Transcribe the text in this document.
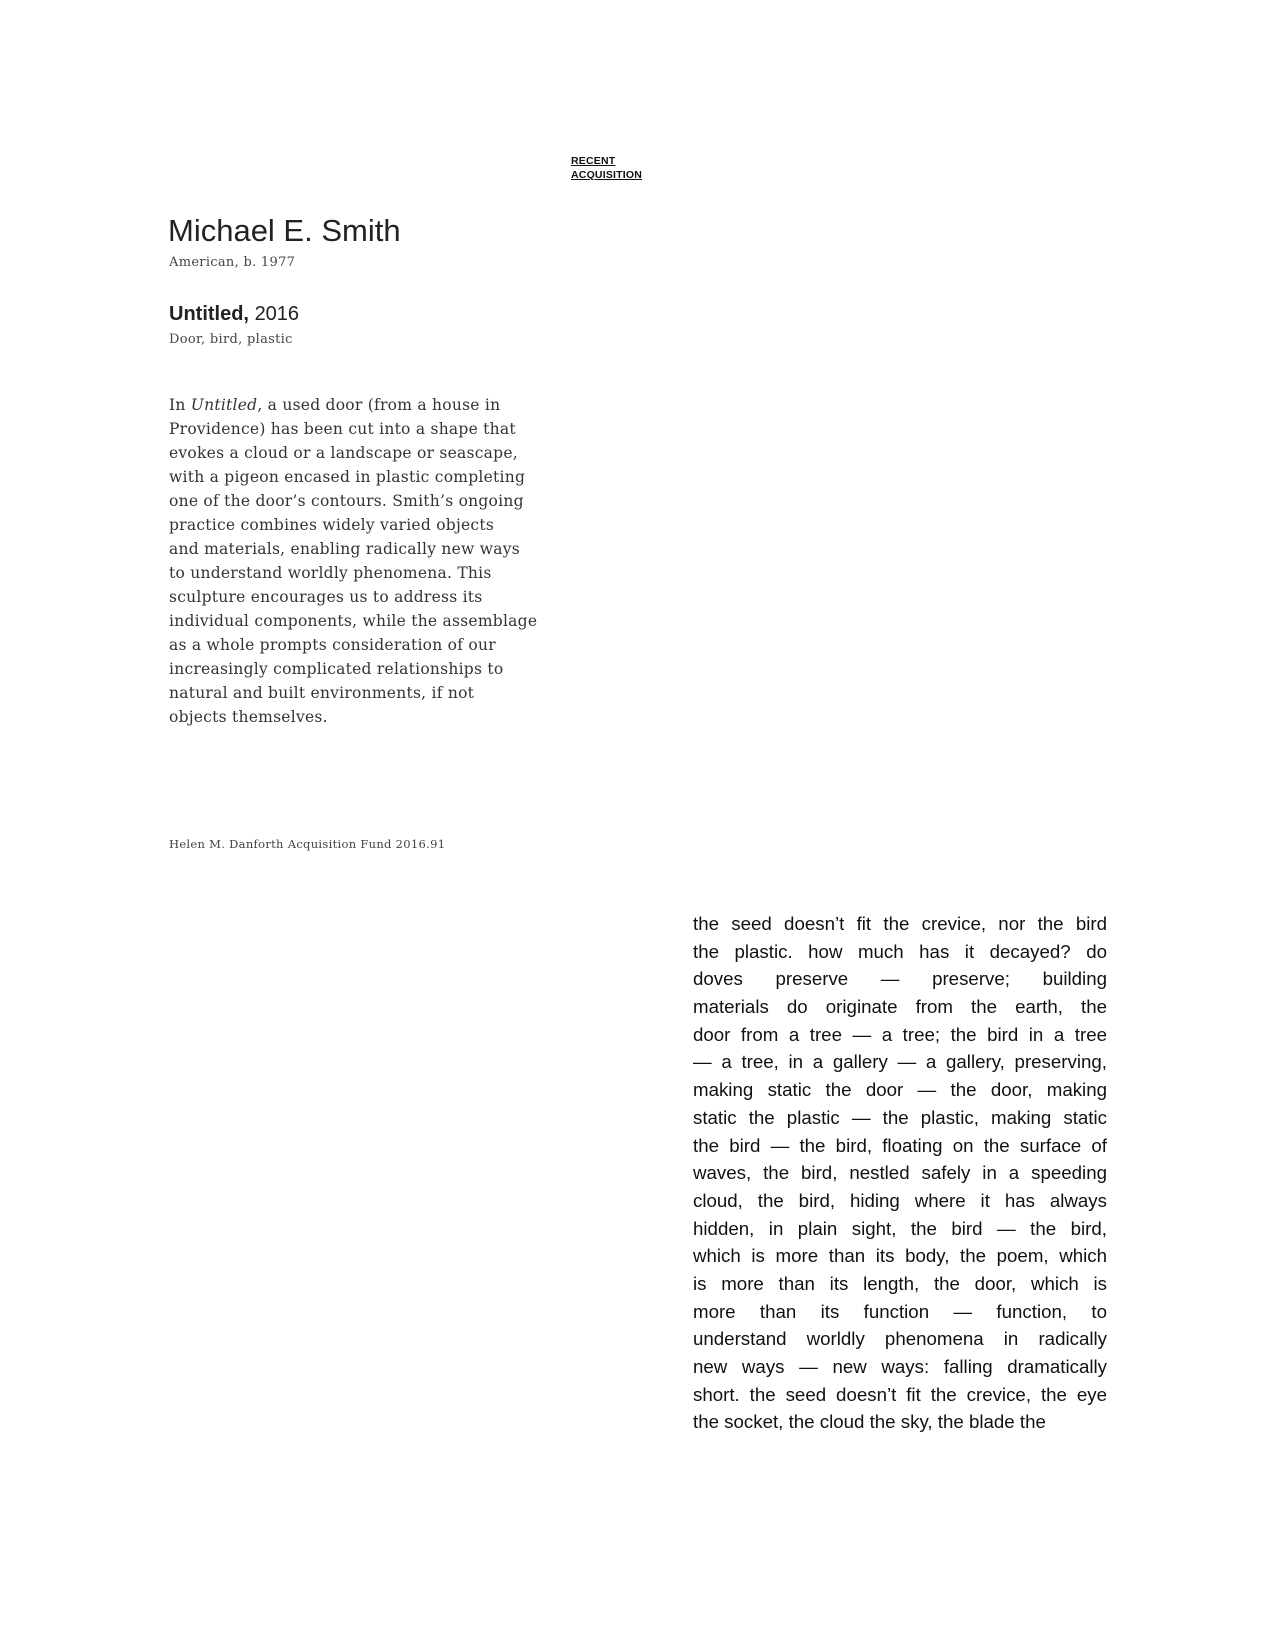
RECENT
ACQUISITION
Michael E. Smith
American, b. 1977
Untitled, 2016
Door, bird, plastic

In Untitled, a used door (from a house in
Providence) has been cut into a shape that
evokes a cloud or a landscape or seascape,
with a pigeon encased in plastic completing
one of the door’s contours. Smith’s ongoing
practice combines widely varied objects
and materials, enabling radically new ways
to understand worldly phenomena. This
sculpture encourages us to address its
individual components, while the assemblage
as a whole prompts consideration of our
increasingly complicated relationships to
natural and built environments, if not
objects themselves.

Helen M. Danforth Acquisition Fund 2016.91
the seed doesn’t fit the crevice, nor the bird
the plastic. how much has it decayed? do
doves preserve — preserve; building
materials do originate from the earth, the
door from a tree — a tree; the bird in a tree
— a tree, in a gallery — a gallery, preserving,
making static the door — the door, making
static the plastic — the plastic, making static
the bird — the bird, floating on the surface of
waves, the bird, nestled safely in a speeding
cloud, the bird, hiding where it has always
hidden, in plain sight, the bird — the bird,
which is more than its body, the poem, which
is more than its length, the door, which is
more than its function — function, to
understand worldly phenomena in radically
new ways — new ways: falling dramatically
short. the seed doesn’t fit the crevice, the eye
the socket, the cloud the sky, the blade the
